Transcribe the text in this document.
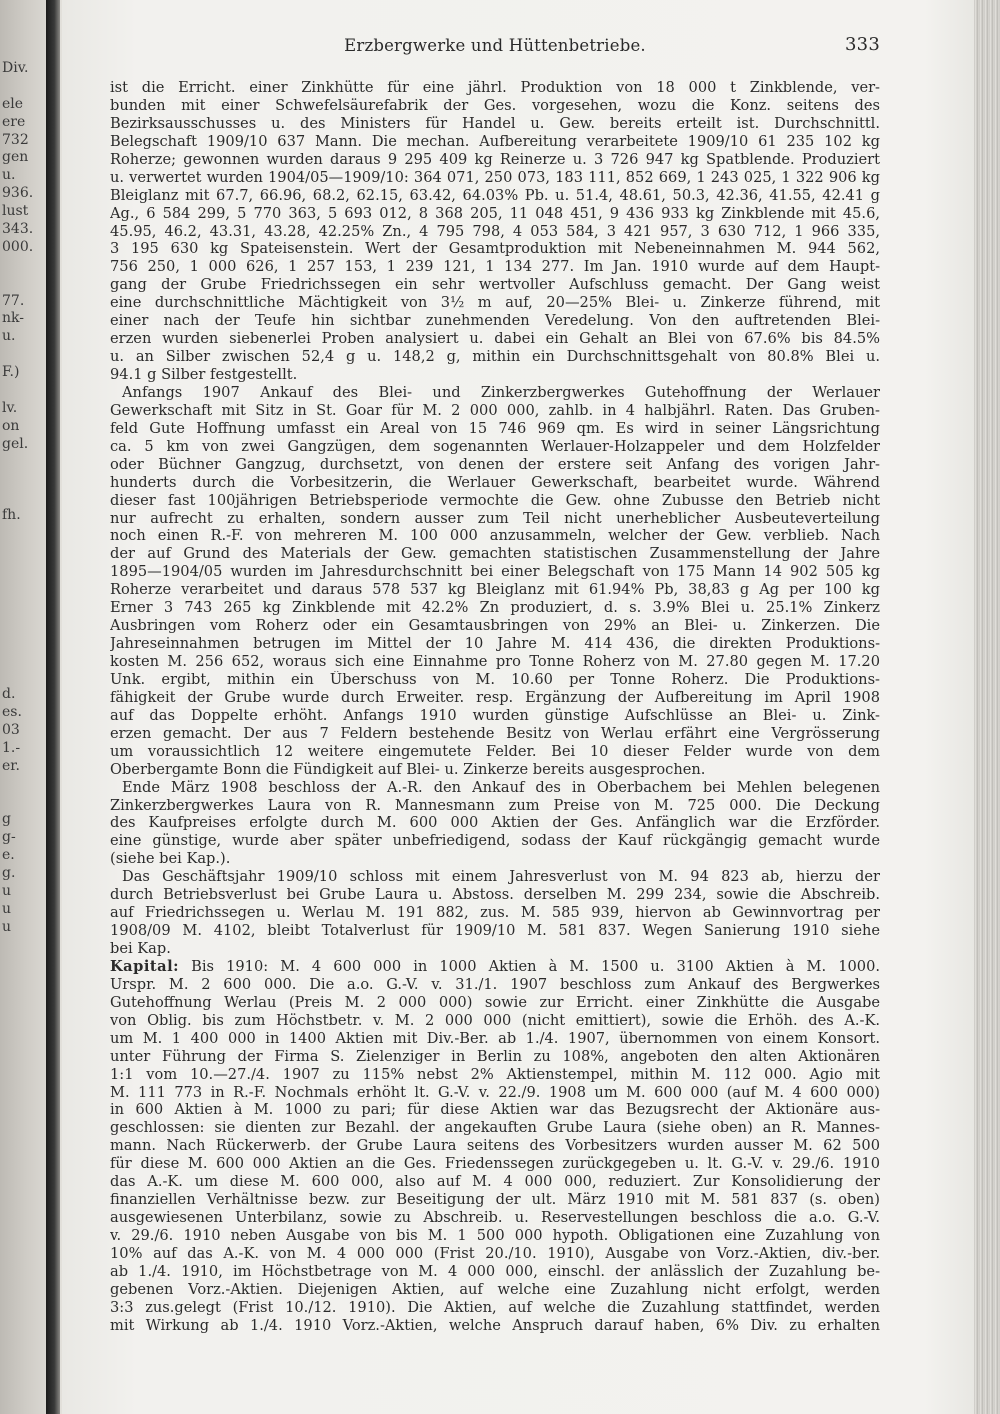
Div.
ele
ere
732
gen
u.
936.
lust
343.
000.
77.
nk-
u.
F.)
lv.
on
gel.
fh.
d.
es.
03
1.-
er.
g
g-
e.
g.
u
u
u
Erzbergwerke und Hüttenbetriebe.	333
ist die Erricht. einer Zinkhütte für eine jährl. Produktion von 18 000 t Zinkblende, ver-
bunden mit einer Schwefelsäurefabrik der Ges. vorgesehen, wozu die Konz. seitens des
Bezirksausschusses u. des Ministers für Handel u. Gew. bereits erteilt ist. Durchschnittl.
Belegschaft 1909/10 637 Mann. Die mechan. Aufbereitung verarbeitete 1909/10 61 235 102 kg
Roherze; gewonnen wurden daraus 9 295 409 kg Reinerze u. 3 726 947 kg Spatblende. Produziert
u. verwertet wurden 1904/05—1909/10: 364 071, 250 073, 183 111, 852 669, 1 243 025, 1 322 906 kg
Bleiglanz mit 67.7, 66.96, 68.2, 62.15, 63.42, 64.03% Pb. u. 51.4, 48.61, 50.3, 42.36, 41.55, 42.41 g
Ag., 6 584 299, 5 770 363, 5 693 012, 8 368 205, 11 048 451, 9 436 933 kg Zinkblende mit 45.6,
45.95, 46.2, 43.31, 43.28, 42.25% Zn., 4 795 798, 4 053 584, 3 421 957, 3 630 712, 1 966 335,
3 195 630 kg Spateisenstein. Wert der Gesamtproduktion mit Nebeneinnahmen M. 944 562,
756 250, 1 000 626, 1 257 153, 1 239 121, 1 134 277. Im Jan. 1910 wurde auf dem Haupt-
gang der Grube Friedrichssegen ein sehr wertvoller Aufschluss gemacht. Der Gang weist
eine durchschnittliche Mächtigkeit von 3½ m auf, 20—25% Blei- u. Zinkerze führend, mit
einer nach der Teufe hin sichtbar zunehmenden Veredelung. Von den auftretenden Blei-
erzen wurden siebenerlei Proben analysiert u. dabei ein Gehalt an Blei von 67.6% bis 84.5%
u. an Silber zwischen 52,4 g u. 148,2 g, mithin ein Durchschnittsgehalt von 80.8% Blei u.
94.1 g Silber festgestellt.
Anfangs 1907 Ankauf des Blei- und Zinkerzbergwerkes Gutehoffnung der Werlauer
Gewerkschaft mit Sitz in St. Goar für M. 2 000 000, zahlb. in 4 halbjährl. Raten. Das Gruben-
feld Gute Hoffnung umfasst ein Areal von 15 746 969 qm. Es wird in seiner Längsrichtung
ca. 5 km von zwei Gangzügen, dem sogenannten Werlauer-Holzappeler und dem Holzfelder
oder Büchner Gangzug, durchsetzt, von denen der erstere seit Anfang des vorigen Jahr-
hunderts durch die Vorbesitzerin, die Werlauer Gewerkschaft, bearbeitet wurde. Während
dieser fast 100jährigen Betriebsperiode vermochte die Gew. ohne Zubusse den Betrieb nicht
nur aufrecht zu erhalten, sondern ausser zum Teil nicht unerheblicher Ausbeuteverteilung
noch einen R.-F. von mehreren M. 100 000 anzusammeln, welcher der Gew. verblieb. Nach
der auf Grund des Materials der Gew. gemachten statistischen Zusammenstellung der Jahre
1895—1904/05 wurden im Jahresdurchschnitt bei einer Belegschaft von 175 Mann 14 902 505 kg
Roherze verarbeitet und daraus 578 537 kg Bleiglanz mit 61.94% Pb, 38,83 g Ag per 100 kg
Erner 3 743 265 kg Zinkblende mit 42.2% Zn produziert, d. s. 3.9% Blei u. 25.1% Zinkerz
Ausbringen vom Roherz oder ein Gesamtausbringen von 29% an Blei- u. Zinkerzen. Die
Jahreseinnahmen betrugen im Mittel der 10 Jahre M. 414 436, die direkten Produktions-
kosten M. 256 652, woraus sich eine Einnahme pro Tonne Roherz von M. 27.80 gegen M. 17.20
Unk. ergibt, mithin ein Überschuss von M. 10.60 per Tonne Roherz. Die Produktions-
fähigkeit der Grube wurde durch Erweiter. resp. Ergänzung der Aufbereitung im April 1908
auf das Doppelte erhöht. Anfangs 1910 wurden günstige Aufschlüsse an Blei- u. Zink-
erzen gemacht. Der aus 7 Feldern bestehende Besitz von Werlau erfährt eine Vergrösserung
um voraussichtlich 12 weitere eingemutete Felder. Bei 10 dieser Felder wurde von dem
Oberbergamte Bonn die Fündigkeit auf Blei- u. Zinkerze bereits ausgesprochen.
Ende März 1908 beschloss der A.-R. den Ankauf des in Oberbachem bei Mehlen belegenen
Zinkerzbergwerkes Laura von R. Mannesmann zum Preise von M. 725 000. Die Deckung
des Kaufpreises erfolgte durch M. 600 000 Aktien der Ges. Anfänglich war die Erzförder.
eine günstige, wurde aber später unbefriedigend, sodass der Kauf rückgängig gemacht wurde
(siehe bei Kap.).
Das Geschäftsjahr 1909/10 schloss mit einem Jahresverlust von M. 94 823 ab, hierzu der
durch Betriebsverlust bei Grube Laura u. Abstoss. derselben M. 299 234, sowie die Abschreib.
auf Friedrichssegen u. Werlau M. 191 882, zus. M. 585 939, hiervon ab Gewinnvortrag per
1908/09 M. 4102, bleibt Totalverlust für 1909/10 M. 581 837. Wegen Sanierung 1910 siehe
bei Kap.
Kapital: Bis 1910: M. 4 600 000 in 1000 Aktien à M. 1500 u. 3100 Aktien à M. 1000.
Urspr. M. 2 600 000. Die a.o. G.-V. v. 31./1. 1907 beschloss zum Ankauf des Bergwerkes
Gutehoffnung Werlau (Preis M. 2 000 000) sowie zur Erricht. einer Zinkhütte die Ausgabe
von Oblig. bis zum Höchstbetr. v. M. 2 000 000 (nicht emittiert), sowie die Erhöh. des A.-K.
um M. 1 400 000 in 1400 Aktien mit Div.-Ber. ab 1./4. 1907, übernommen von einem Konsort.
unter Führung der Firma S. Zielenziger in Berlin zu 108%, angeboten den alten Aktionären
1:1 vom 10.—27./4. 1907 zu 115% nebst 2% Aktienstempel, mithin M. 112 000. Agio mit
M. 111 773 in R.-F. Nochmals erhöht lt. G.-V. v. 22./9. 1908 um M. 600 000 (auf M. 4 600 000)
in 600 Aktien à M. 1000 zu pari; für diese Aktien war das Bezugsrecht der Aktionäre aus-
geschlossen: sie dienten zur Bezahl. der angekauften Grube Laura (siehe oben) an R. Mannes-
mann. Nach Rückerwerb. der Grube Laura seitens des Vorbesitzers wurden ausser M. 62 500
für diese M. 600 000 Aktien an die Ges. Friedenssegen zurückgegeben u. lt. G.-V. v. 29./6. 1910
das A.-K. um diese M. 600 000, also auf M. 4 000 000, reduziert. Zur Konsolidierung der
finanziellen Verhältnisse bezw. zur Beseitigung der ult. März 1910 mit M. 581 837 (s. oben)
ausgewiesenen Unterbilanz, sowie zu Abschreib. u. Reservestellungen beschloss die a.o. G.-V.
v. 29./6. 1910 neben Ausgabe von bis M. 1 500 000 hypoth. Obligationen eine Zuzahlung von
10% auf das A.-K. von M. 4 000 000 (Frist 20./10. 1910), Ausgabe von Vorz.-Aktien, div.-ber.
ab 1./4. 1910, im Höchstbetrage von M. 4 000 000, einschl. der anlässlich der Zuzahlung be-
gebenen Vorz.-Aktien. Diejenigen Aktien, auf welche eine Zuzahlung nicht erfolgt, werden
3:3 zus.gelegt (Frist 10./12. 1910). Die Aktien, auf welche die Zuzahlung stattfindet, werden
mit Wirkung ab 1./4. 1910 Vorz.-Aktien, welche Anspruch darauf haben, 6% Div. zu erhalten
